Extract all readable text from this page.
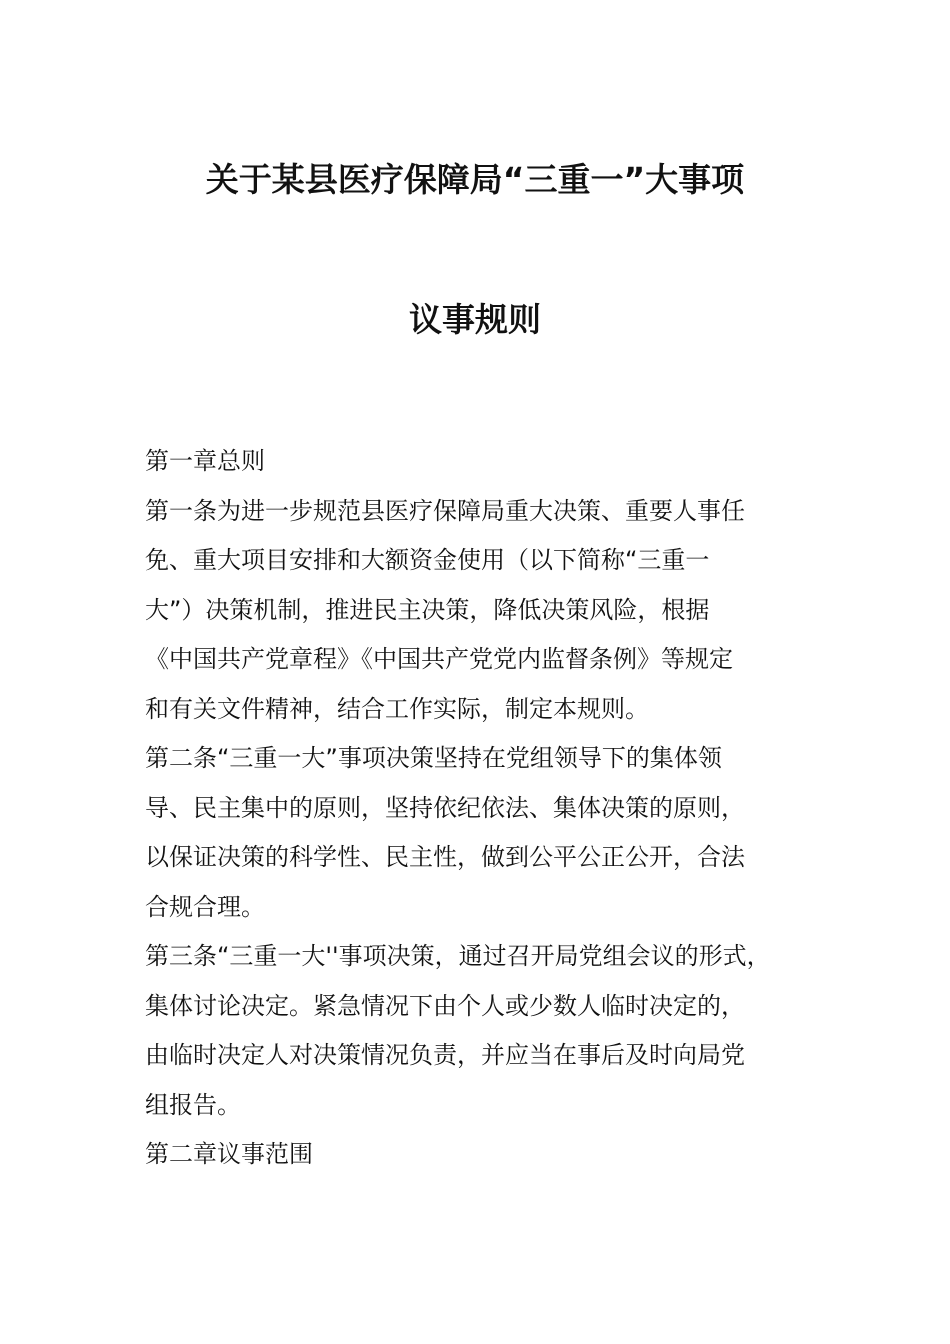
关于某县医疗保障局“三重一”大事项
议事规则

第一章总则

第一条为进一步规范县医疗保障局重大决策、重要人事任
免、重大项目安排和大额资金使用（以下简称“三重一
大”）决策机制，推进民主决策，降低决策风险，根据
《中国共产党章程》《中国共产党党内监督条例》等规定
和有关文件精神，结合工作实际，制定本规则。

第二条“三重一大”事项决策坚持在党组领导下的集体领
导、民主集中的原则，坚持依纪依法、集体决策的原则，
以保证决策的科学性、民主性，做到公平公正公开，合法
合规合理。

第三条“三重一大''事项决策，通过召开局党组会议的形式，
集体讨论决定。紧急情况下由个人或少数人临时决定的，
由临时决定人对决策情况负责，并应当在事后及时向局党
组报告。

第二章议事范围
